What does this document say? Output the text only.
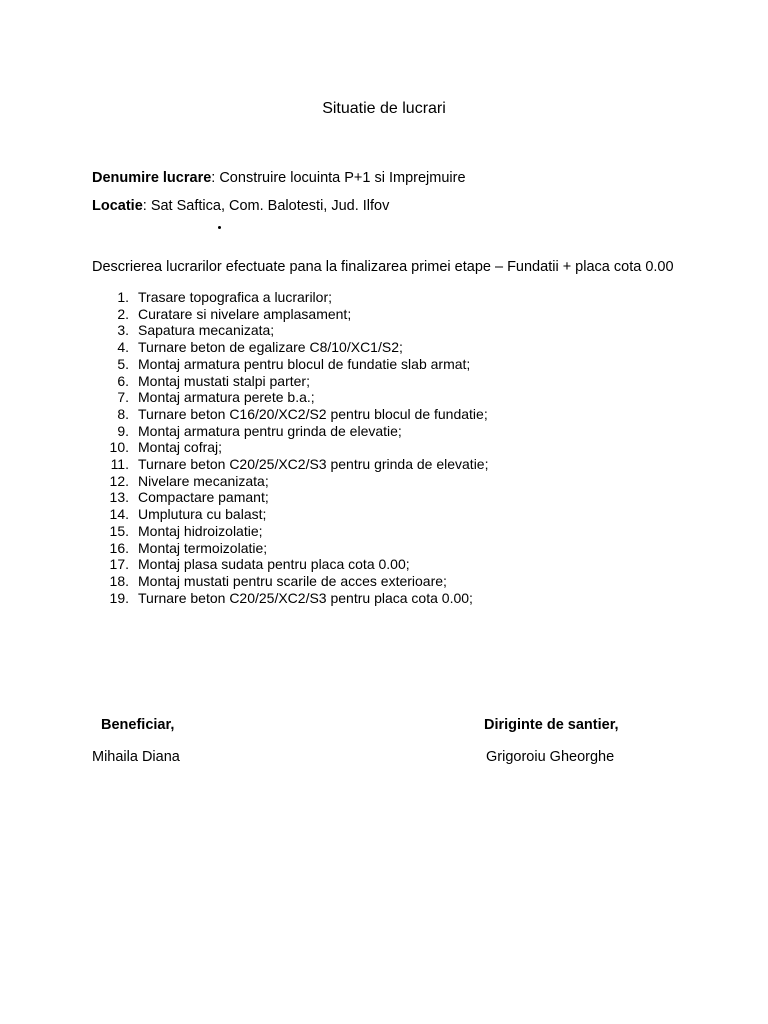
Situatie de lucrari
Denumire lucrare: Construire locuinta P+1 si Imprejmuire
Locatie: Sat Saftica, Com. Balotesti, Jud. Ilfov
Descrierea lucrarilor efectuate pana la finalizarea primei etape – Fundatii + placa cota 0.00
1. Trasare topografica a lucrarilor;
2. Curatare si nivelare amplasament;
3. Sapatura mecanizata;
4. Turnare beton de egalizare C8/10/XC1/S2;
5. Montaj armatura pentru blocul de fundatie slab armat;
6. Montaj mustati stalpi parter;
7. Montaj armatura perete b.a.;
8. Turnare beton C16/20/XC2/S2 pentru blocul de fundatie;
9. Montaj armatura pentru grinda de elevatie;
10. Montaj cofraj;
11. Turnare beton C20/25/XC2/S3 pentru grinda de elevatie;
12. Nivelare mecanizata;
13. Compactare pamant;
14. Umplutura cu balast;
15. Montaj hidroizolatie;
16. Montaj termoizolatie;
17. Montaj plasa sudata pentru placa cota 0.00;
18. Montaj mustati pentru scarile de acces exterioare;
19. Turnare beton C20/25/XC2/S3 pentru placa cota 0.00;
Beneficiar,
Mihaila Diana
Diriginte de santier,
Grigoroiu Gheorghe
